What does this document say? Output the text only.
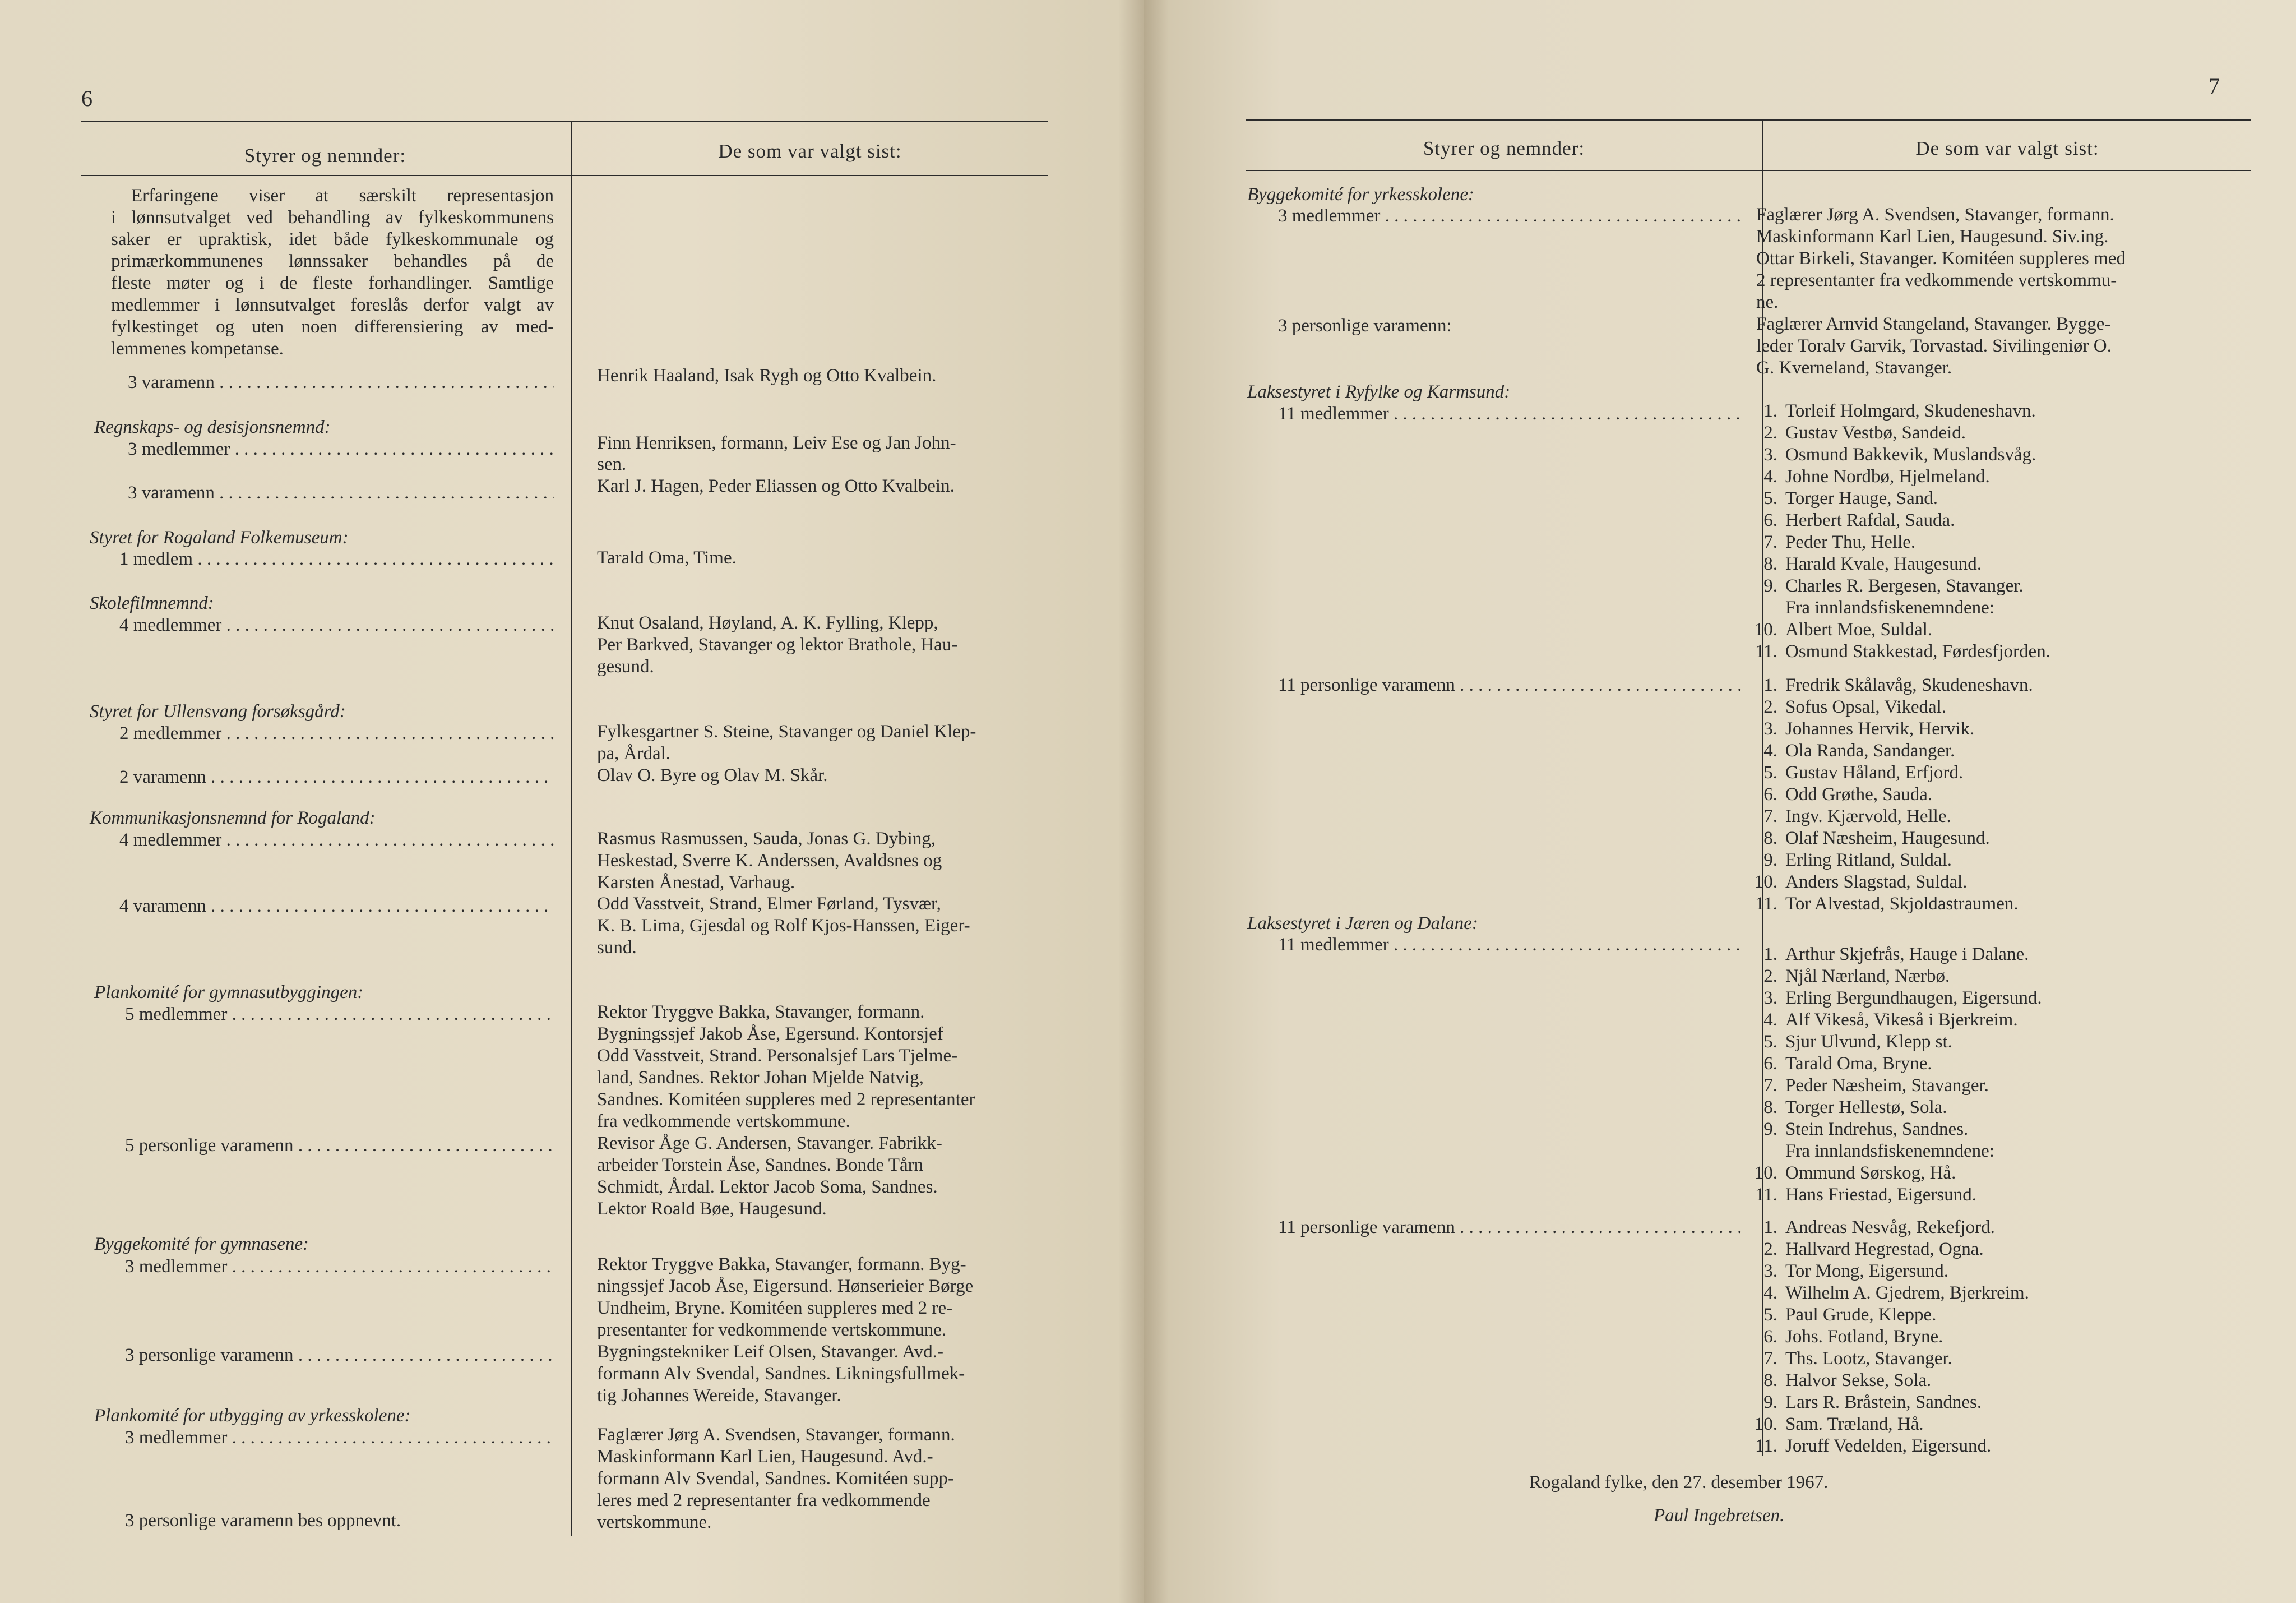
6
Styrer og nemnder:	De som var valgt sist:
Erfaringene viser at særskilt representasjon
i lønnsutvalget ved behandling av fylkeskommunens
saker er upraktisk, idet både fylkeskommunale og
primærkommunenes lønnssaker behandles på de
fleste møter og i de fleste forhandlinger. Samtlige
medlemmer i lønnsutvalget foreslås derfor valgt av
fylkestinget og uten noen differensiering av med-
lemmenes kompetanse.
3 varamenn . . .	Henrik Haaland, Isak Rygh og Otto Kvalbein.
Regnskaps- og desisjonsnemnd:
3 medlemmer . . .	Finn Henriksen, formann, Leiv Ese og Jan John-
sen.
3 varamenn . . .	Karl J. Hagen, Peder Eliassen og Otto Kvalbein.
Styret for Rogaland Folkemuseum:
1 medlem . . .	Tarald Oma, Time.
Skolefilmnemnd:
4 medlemmer . . .	Knut Osaland, Høyland, A. K. Fylling, Klepp,
Per Barkved, Stavanger og lektor Brathole, Hau-
gesund.
Styret for Ullensvang forsøksgård:
2 medlemmer . . .	Fylkesgartner S. Steine, Stavanger og Daniel Klep-
pa, Årdal.
2 varamenn . . .	Olav O. Byre og Olav M. Skår.
Kommunikasjonsnemnd for Rogaland:
4 medlemmer . . .	Rasmus Rasmussen, Sauda, Jonas G. Dybing,
Heskestad, Sverre K. Anderssen, Avaldsnes og
Karsten Ånestad, Varhaug.
4 varamenn . . .	Odd Vasstveit, Strand, Elmer Førland, Tysvær,
K. B. Lima, Gjesdal og Rolf Kjos-Hanssen, Eiger-
sund.
Plankomité for gymnasutbyggingen:
5 medlemmer . . .	Rektor Tryggve Bakka, Stavanger, formann.
Bygningssjef Jakob Åse, Egersund. Kontorsjef
Odd Vasstveit, Strand. Personalsjef Lars Tjelme-
land, Sandnes. Rektor Johan Mjelde Natvig,
Sandnes. Komitéen suppleres med 2 representanter
fra vedkommende vertskommune.
5 personlige varamenn . . .	Revisor Åge G. Andersen, Stavanger. Fabrikk-
arbeider Torstein Åse, Sandnes. Bonde Tårn
Schmidt, Årdal. Lektor Jacob Soma, Sandnes.
Lektor Roald Bøe, Haugesund.
Byggekomité for gymnasene:
3 medlemmer . . .	Rektor Tryggve Bakka, Stavanger, formann. Byg-
ningssjef Jacob Åse, Eigersund. Hønserieier Børge
Undheim, Bryne. Komitéen suppleres med 2 re-
presentanter for vedkommende vertskommune.
3 personlige varamenn . . .	Bygningstekniker Leif Olsen, Stavanger. Avd.-
formann Alv Svendal, Sandnes. Likningsfullmek-
tig Johannes Wereide, Stavanger.
Plankomité for utbygging av yrkesskolene:
3 medlemmer . . .	Faglærer Jørg A. Svendsen, Stavanger, formann.
Maskinformann Karl Lien, Haugesund. Avd.-
formann Alv Svendal, Sandnes. Komitéen supp-
leres med 2 representanter fra vedkommende
vertskommune.
3 personlige varamenn bes oppnevnt.
7
Styrer og nemnder:	De som var valgt sist:
Byggekomité for yrkesskolene:
3 medlemmer . . .	Faglærer Jørg A. Svendsen, Stavanger, formann.
Maskinformann Karl Lien, Haugesund. Siv.ing.
Ottar Birkeli, Stavanger. Komitéen suppleres med
2 representanter fra vedkommende vertskommu-
ne.
3 personlige varamenn:	Faglærer Arnvid Stangeland, Stavanger. Bygge-
leder Toralv Garvik, Torvastad. Sivilingeniør O.
G. Kverneland, Stavanger.
Laksestyret i Ryfylke og Karmsund:
11 medlemmer . . .	1. Torleif Holmgard, Skudeneshavn.
2. Gustav Vestbø, Sandeid.
3. Osmund Bakkevik, Muslandsvåg.
4. Johne Nordbø, Hjelmeland.
5. Torger Hauge, Sand.
6. Herbert Rafdal, Sauda.
7. Peder Thu, Helle.
8. Harald Kvale, Haugesund.
9. Charles R. Bergesen, Stavanger.
Fra innlandsfiskenemndene:
10. Albert Moe, Suldal.
11. Osmund Stakkestad, Førdesfjorden.
11 personlige varamenn . . .	1. Fredrik Skålavåg, Skudeneshavn.
2. Sofus Opsal, Vikedal.
3. Johannes Hervik, Hervik.
4. Ola Randa, Sandanger.
5. Gustav Håland, Erfjord.
6. Odd Grøthe, Sauda.
7. Ingv. Kjærvold, Helle.
8. Olaf Næsheim, Haugesund.
9. Erling Ritland, Suldal.
10. Anders Slagstad, Suldal.
11. Tor Alvestad, Skjoldastraumen.
Laksestyret i Jæren og Dalane:
11 medlemmer . . .	1. Arthur Skjefrås, Hauge i Dalane.
2. Njål Nærland, Nærbø.
3. Erling Bergundhaugen, Eigersund.
4. Alf Vikeså, Vikeså i Bjerkreim.
5. Sjur Ulvund, Klepp st.
6. Tarald Oma, Bryne.
7. Peder Næsheim, Stavanger.
8. Torger Hellestø, Sola.
9. Stein Indrehus, Sandnes.
Fra innlandsfiskenemndene:
10. Ommund Sørskog, Hå.
11. Hans Friestad, Eigersund.
11 personlige varamenn . . .	1. Andreas Nesvåg, Rekefjord.
2. Hallvard Hegrestad, Ogna.
3. Tor Mong, Eigersund.
4. Wilhelm A. Gjedrem, Bjerkreim.
5. Paul Grude, Kleppe.
6. Johs. Fotland, Bryne.
7. Ths. Lootz, Stavanger.
8. Halvor Sekse, Sola.
9. Lars R. Bråstein, Sandnes.
10. Sam. Træland, Hå.
11. Joruff Vedelden, Eigersund.
Rogaland fylke, den 27. desember 1967.
Paul Ingebretsen.
